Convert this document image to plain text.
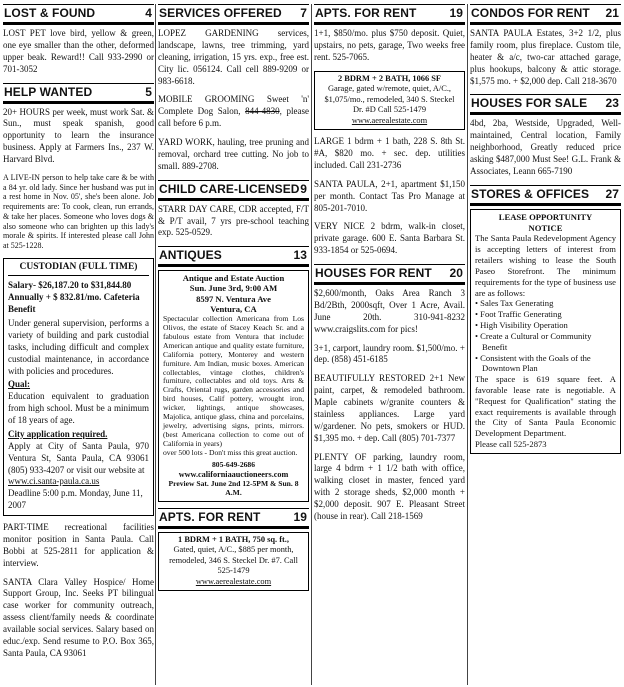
LOST & FOUND	4

LOST PET love bird, yellow & green, one eye smaller than the other, deformed upper beak. Reward!! Call 933-2990 or 701-3052

HELP WANTED	5

20+ HOURS per week, must work Sat. & Sun., must speak spanish, good opportunity to learn the insurance business. Apply at Farmers Ins., 237 W. Harvard Blvd.

A LIVE-IN person to help take care & be with a 84 yr. old lady. Since her husband was put in a rest home in Nov. 05', she's been alone. Job requirements are: To cook, clean, run errands, & take her places. Someone who loves dogs & also someone who can brighten up this lady's morale & spirits. If interested please call John at 525-1228.

CUSTODIAN (FULL TIME)
Salary- $26,187.20 to $31,844.80 Annually + $ 832.81/mo. Cafeteria Benefit
Under general supervision, performs a variety of building and park custodial tasks, including difficult and complex custodial maintenance, in accordance with policies and procedures.
Qual:
Education equivalent to graduation from high school. Must be a minimum of 18 years of age.
City application required.
Apply at City of Santa Paula, 970 Ventura St, Santa Paula, CA 93061 (805) 933-4207 or visit our website at
www.ci.santa-paula.ca.us
Deadline 5:00 p.m. Monday, June 11, 2007

PART-TIME recreational facilities monitor position in Santa Paula. Call Bobbi at 525-2811 for application & interview.

SANTA Clara Valley Hospice/ Home Support Group, Inc. Seeks PT bilingual case worker for community outreach, assess client/family needs & coordinate available social services. Salary based on educ./exp. Send resume to P.O. Box 365, Santa Paula, CA 93061

SERVICES OFFERED 7

LOPEZ GARDENING services, landscape, lawns, tree trimming, yard cleaning, irrigation, 15 yrs. exp., free est. City lic. 056124. Call cell 889-9209 or 983-6618.

MOBILE GROOMING Sweet 'n' Complete Dog Salon, 844-4830, please call before 6 p.m.

YARD WORK, hauling, tree pruning and removal, orchard tree cutting. No job to small. 889-2708.

CHILD CARE-LICENSED 9

STARR DAY CARE, CDR accepted, F/T & P/T avail, 7 yrs pre-school teaching exp. 525-0529.

ANTIQUES	13
Antique and Estate Auction
Sun. June 3rd, 9:00 AM
8597 N. Ventura Ave
Ventura, CA
Spectacular collection Americana from Los Olivos, the estate of Stacey Keach Sr. and a fabulous estate from Ventura that include: American antique and quality estate furniture, California pottery, Monterey and western furniture. Am Indian, music boxes. American collectables, vintage clothes, children's furniture, collectables and old toys. Arts & Crafts, Oriental rugs, garden accessories and bird houses, Calif pottery, wrought iron, wicker, lightings, antique showcases, Majolica, antique glass, china and porcelains, jewelry, advertising signs, prints, mirrors. (best Americana collection to come out of California in years)
over 500 lots - Don't miss this great auction.
805-649-2686
www.californiaauctioneers.com
Preview Sat. June 2nd 12-5PM & Sun. 8 A.M.
APTS. FOR RENT	19
1 BDRM + 1 BATH, 750 sq. ft.,
Gated, quiet, A/C., $885 per month, remodeled, 346 S. Steckel Dr. #7. Call 525-1479
www.aerealestate.com
APTS. FOR RENT	19

1+1, $850/mo. plus $750 deposit. Quiet, upstairs, no pets, garage, Two weeks free rent. 525-7065.

2 BDRM + 2 BATH, 1066 SF
Garage, gated w/remote, quiet, A/C., $1,075/mo., remodeled, 340 S. Steckel Dr. #D Call 525-1479
www.aerealestate.com

LARGE 1 bdrm + 1 bath, 228 S. 8th St. #A, $820 mo. + sec. dep. utilities included. Call 231-2736

SANTA PAULA, 2+1, apartment $1,150 per month. Contact Tas Pro Manage at 805-201-7010.

VERY NICE 2 bdrm, walk-in closet, private garage. 600 E. Santa Barbara St. 933-1854 or 525-0694.

HOUSES FOR RENT 20

$2,600/month, Oaks Area Ranch 3 Bd/2Bth, 2000sqft, Over 1 Acre, Avail. June 20th. 310-941-8232 www.craigslits.com for pics!

3+1, carport, laundry room. $1,500/mo. + dep. (858) 451-6185

BEAUTIFULLY RESTORED 2+1 New paint, carpet, & remodeled bathroom. Maple cabinets w/granite counters & stainless appliances. Large yard w/gardener. No pets, smokers or HUD. $1,395 mo. + dep. Call (805) 701-7377

PLENTY OF parking, laundry room, large 4 bdrm + 1 1/2 bath with office, walking closet in master, fenced yard with 2 storage sheds, $2,000 month + $2,000 deposit. 907 E. Pleasant Street (house in rear). Call 218-1569

CONDOS FOR RENT 21

SANTA PAULA Estates, 3+2 1/2, plus family room, plus fireplace. Custom tile, heater & a/c, two-car attached garage, plus hookups, balcony & attic storage. $1,575 mo. + $2,000 dep. Call 218-3670

HOUSES FOR SALE 23

4bd, 2ba, Westside, Upgraded, Well-maintained, Central location, Family neighborhood, Greatly reduced price asking $487,000 Must See! G.L. Frank & Associates, Leann 665-7190

STORES & OFFICES 27
LEASE OPPORTUNITY
NOTICE
The Santa Paula Redevelopment Agency is accepting letters of interest from retailers wishing to lease the South Paseo Storefront. The minimum requirements for the type of business use are as follows:
• Sales Tax Generating
• Foot Traffic Generating
• High Visibility Operation
• Create a Cultural or Community Benefit
• Consistent with the Goals of the Downtown Plan
The space is 619 square feet. A favorable lease rate is negotiable. A "Request for Qualification" stating the exact requirements is available through the City of Santa Paula Economic Development Department.
Please call 525-2873
